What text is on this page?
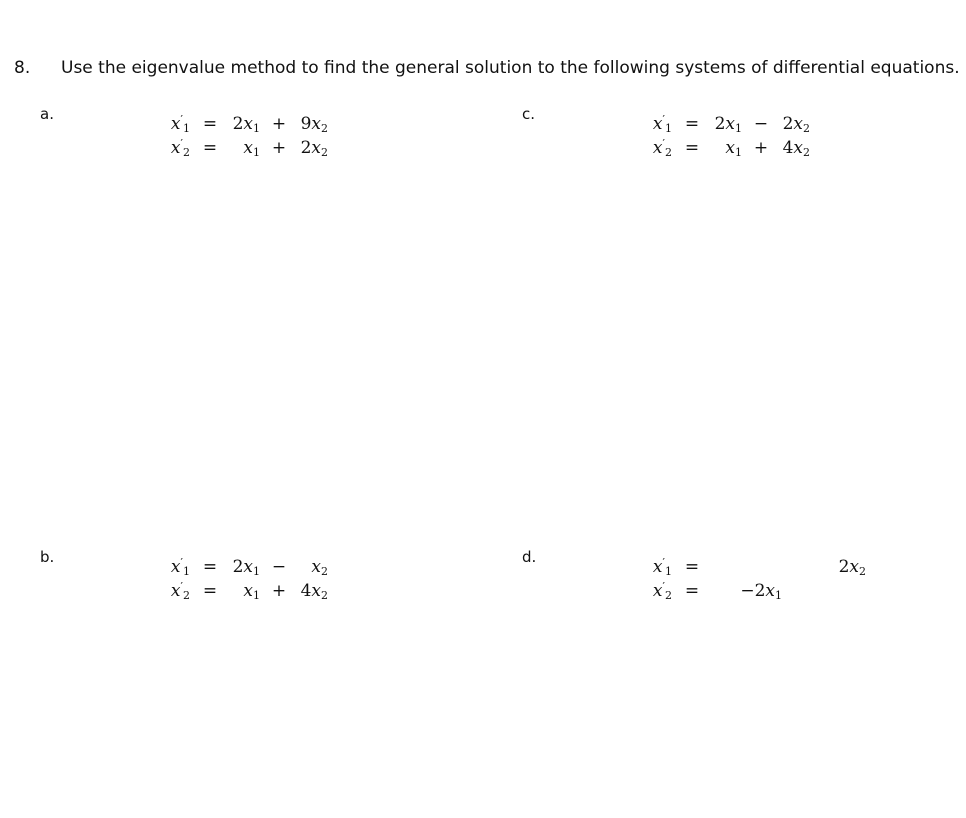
8. Use the eigenvalue method to find the general solution to the following systems of differential equations.
a.	$x'_1$	=	$2x_1$	+	$9x_2$
$x'_2$	=	$x_1$	+	$2x_2$
c.	$x'_1$	=	$2x_1$	−	$2x_2$
$x'_2$	=	$x_1$	+	$4x_2$
b.	$x'_1$	=	$2x_1$	−	$x_2$
$x'_2$	=	$x_1$	+	$4x_2$
d.	$x'_1$	=			$2x_2$
$x'_2$	=	$-2x_1$		
